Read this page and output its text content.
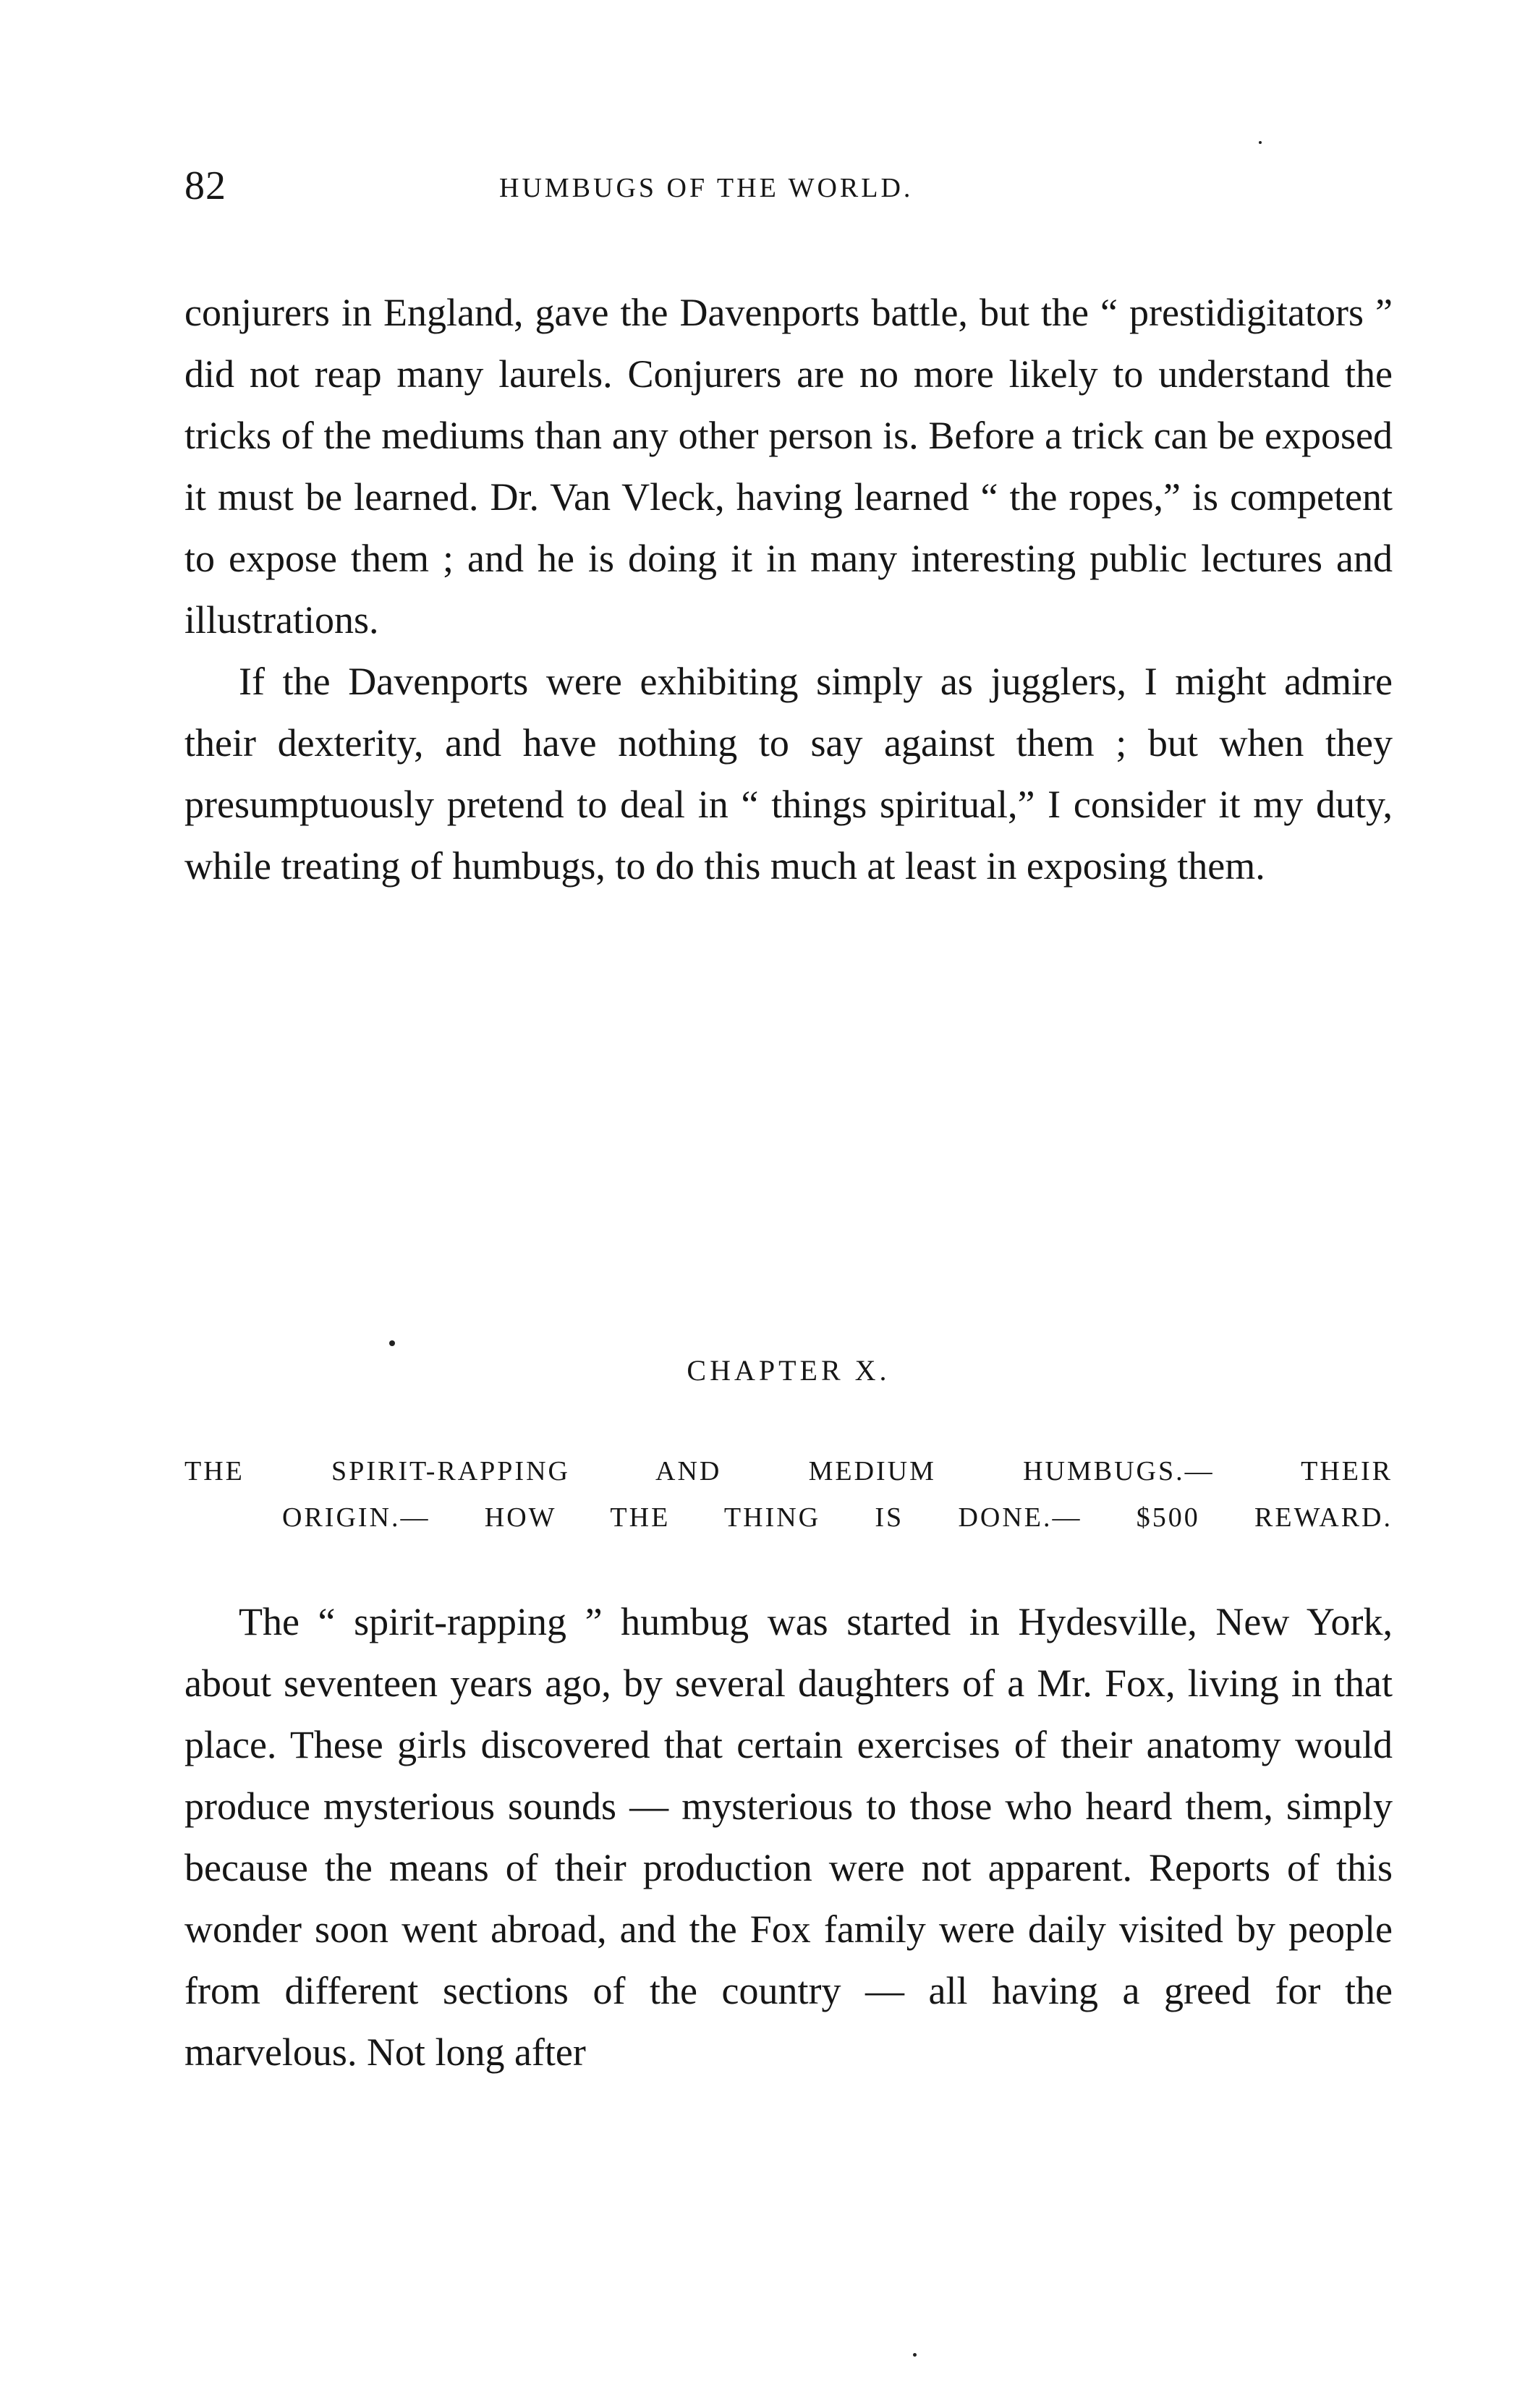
82	HUMBUGS OF THE WORLD.

conjurers in England, gave the Davenports battle, but the “ prestidigitators ” did not reap many laurels. Conjurers are no more likely to understand the tricks of the mediums than any other person is. Before a trick can be exposed it must be learned. Dr. Van Vleck, having learned “ the ropes,” is competent to expose them ; and he is doing it in many interesting public lectures and illustrations.

If the Davenports were exhibiting simply as jugglers, I might admire their dexterity, and have nothing to say against them ; but when they presumptuously pretend to deal in “ things spiritual,” I consider it my duty, while treating of humbugs, to do this much at least in exposing them.

CHAPTER X.

THE SPIRIT-RAPPING AND MEDIUM HUMBUGS.— THEIR

ORIGIN.— HOW THE THING IS DONE.— $500 REWARD.

The “ spirit-rapping ” humbug was started in Hydesville, New York, about seventeen years ago, by several daughters of a Mr. Fox, living in that place. These girls discovered that certain exercises of their anatomy would produce mysterious sounds — mysterious to those who heard them, simply because the means of their production were not apparent. Reports of this wonder soon went abroad, and the Fox family were daily visited by people from different sections of the country — all having a greed for the marvelous. Not long after
